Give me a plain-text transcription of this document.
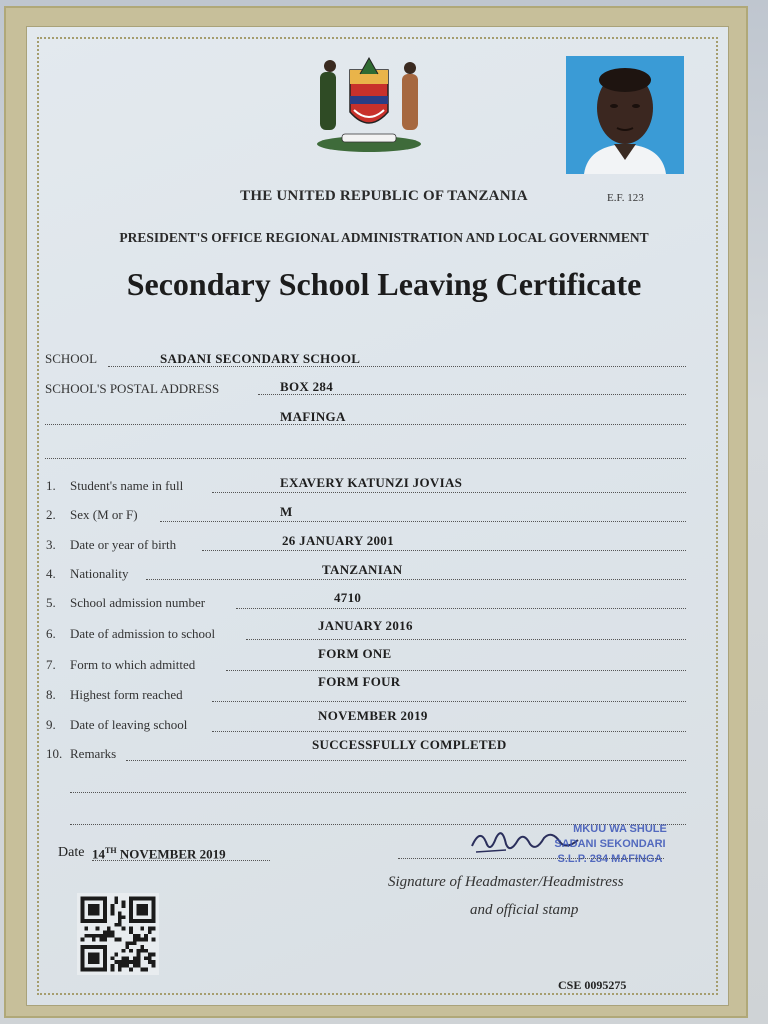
THE UNITED REPUBLIC OF TANZANIA	E.F. 123
PRESIDENT'S OFFICE REGIONAL ADMINISTRATION AND LOCAL GOVERNMENT
Secondary School Leaving Certificate
SCHOOL	SADANI SECONDARY SCHOOL
SCHOOL'S POSTAL ADDRESS	BOX 284
MAFINGA
1. Student's name in full	EXAVERY KATUNZI JOVIAS
2. Sex (M or F)	M
3. Date or year of birth	26 JANUARY 2001
4. Nationality	TANZANIAN
5. School admission number	4710
6. Date of admission to school
JANUARY 2016
7. Form to which admitted
FORM ONE
8. Highest form reached
FORM FOUR
9. Date of leaving school
NOVEMBER 2019
10. Remarks
SUCCESSFULLY COMPLETED
Date 14TH NOVEMBER 2019
MKUU WA SHULE
SADANI SEKONDARI
S.L.P. 284 MAFINGA
Signature of Headmaster/Headmistress
and official stamp
CSE 0095275
